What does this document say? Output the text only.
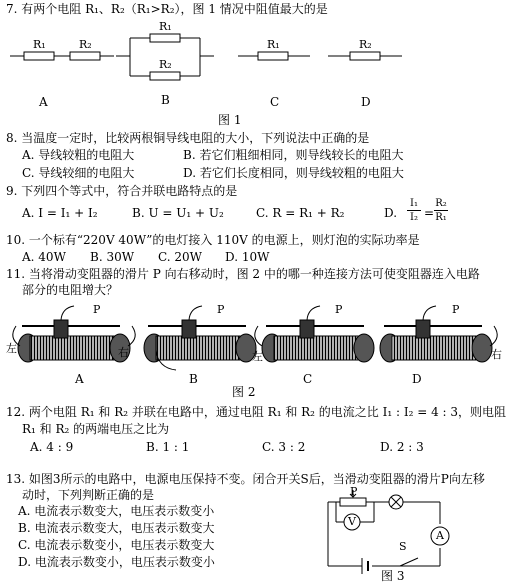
7. 有两个电阻 R₁、R₂（R₁>R₂），图 1 情况中阻值最大的是
R₁	R₂
R₁
R₂
R₁	R₂
A	B	C	D
图 1
8. 当温度一定时，比较两根铜导线电阻的大小，下列说法中正确的是
A. 导线较粗的电阻大	B. 若它们粗细相同，则导线较长的电阻大
C. 导线较细的电阻大	D. 若它们长度相同，则导线较粗的电阻大
9. 下列四个等式中，符合并联电路特点的是
A. I = I₁ + I₂	B. U = U₁ + U₂	C. R = R₁ + R₂	D.
I₁
I₂ =
R₂
R₁
10. 一个标有“220V 40W”的电灯接入 110V 的电源上，则灯泡的实际功率是
A. 40W B. 30W C. 20W D. 10W
11. 当将滑动变阻器的滑片 P 向右移动时，图 2 中的哪一种连接方法可使变阻器连入电路
部分的电阻增大？
P	P	P	P
左	右	左	右
A	B	C	D
图 2
12. 两个电阻 R₁ 和 R₂ 并联在电路中，通过电阻 R₁ 和 R₂ 的电流之比 I₁ : I₂ = 4 : 3，则电阻
R₁ 和 R₂ 的两端电压之比为
A. 4 : 9	B. 1 : 1	C. 3 : 2	D. 2 : 3
13. 如图3所示的电路中，电源电压保持不变。闭合开关S后，当滑动变阻器的滑片P向左移
动时，下列判断正确的是
A. 电流表示数变大，电压表示数变小
B. 电流表示数变大，电压表示数变大
C. 电流表示数变小，电压表示数变大
D. 电流表示数变小，电压表示数变小
P
V
A
S
图 3
